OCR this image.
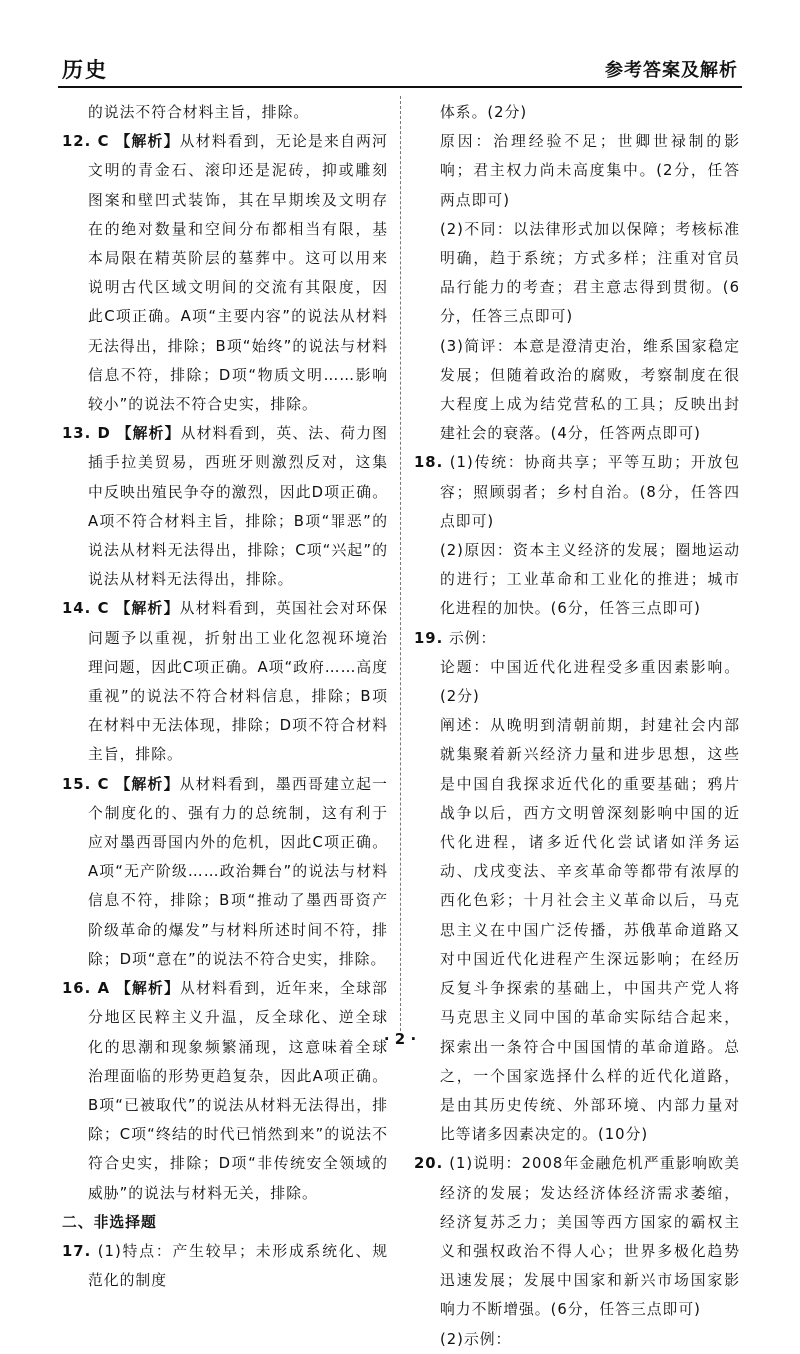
历史	参考答案及解析
的说法不符合材料主旨，排除。
12. C 【解析】从材料看到，无论是来自两河文明的青金石、滚印还是泥砖，抑或雕刻图案和壁凹式装饰，其在早期埃及文明存在的绝对数量和空间分布都相当有限，基本局限在精英阶层的墓葬中。这可以用来说明古代区域文明间的交流有其限度，因此C项正确。A项“主要内容”的说法从材料无法得出，排除；B项“始终”的说法与材料信息不符，排除；D项“物质文明……影响较小”的说法不符合史实，排除。
13. D 【解析】从材料看到，英、法、荷力图插手拉美贸易，西班牙则激烈反对，这集中反映出殖民争夺的激烈，因此D项正确。A项不符合材料主旨，排除；B项“罪恶”的说法从材料无法得出，排除；C项“兴起”的说法从材料无法得出，排除。
14. C 【解析】从材料看到，英国社会对环保问题予以重视，折射出工业化忽视环境治理问题，因此C项正确。A项“政府……高度重视”的说法不符合材料信息，排除；B项在材料中无法体现，排除；D项不符合材料主旨，排除。
15. C 【解析】从材料看到，墨西哥建立起一个制度化的、强有力的总统制，这有利于应对墨西哥国内外的危机，因此C项正确。A项“无产阶级……政治舞台”的说法与材料信息不符，排除；B项“推动了墨西哥资产阶级革命的爆发”与材料所述时间不符，排除；D项“意在”的说法不符合史实，排除。
16. A 【解析】从材料看到，近年来，全球部分地区民粹主义升温，反全球化、逆全球化的思潮和现象频繁涌现，这意味着全球治理面临的形势更趋复杂，因此A项正确。B项“已被取代”的说法从材料无法得出，排除；C项“终结的时代已悄然到来”的说法不符合史实，排除；D项“非传统安全领域的威胁”的说法与材料无关，排除。
二、非选择题
17. (1)特点：产生较早；未形成系统化、规范化的制度
体系。(2分)
原因：治理经验不足；世卿世禄制的影响；君主权力尚未高度集中。(2分，任答两点即可)
(2)不同：以法律形式加以保障；考核标准明确，趋于系统；方式多样；注重对官员品行能力的考查；君主意志得到贯彻。(6分，任答三点即可)
(3)简评：本意是澄清吏治，维系国家稳定发展；但随着政治的腐败，考察制度在很大程度上成为结党营私的工具；反映出封建社会的衰落。(4分，任答两点即可)
18. (1)传统：协商共享；平等互助；开放包容；照顾弱者；乡村自治。(8分，任答四点即可)
(2)原因：资本主义经济的发展；圈地运动的进行；工业革命和工业化的推进；城市化进程的加快。(6分，任答三点即可)
19. 示例：
论题：中国近代化进程受多重因素影响。(2分)
阐述：从晚明到清朝前期，封建社会内部就集聚着新兴经济力量和进步思想，这些是中国自我探求近代化的重要基础；鸦片战争以后，西方文明曾深刻影响中国的近代化进程，诸多近代化尝试诸如洋务运动、戊戌变法、辛亥革命等都带有浓厚的西化色彩；十月社会主义革命以后，马克思主义在中国广泛传播，苏俄革命道路又对中国近代化进程产生深远影响；在经历反复斗争探索的基础上，中国共产党人将马克思主义同中国的革命实际结合起来，探索出一条符合中国国情的革命道路。总之，一个国家选择什么样的近代化道路，是由其历史传统、外部环境、内部力量对比等诸多因素决定的。(10分)
20. (1)说明：2008年金融危机严重影响欧美经济的发展；发达经济体经济需求萎缩，经济复苏乏力；美国等西方国家的霸权主义和强权政治不得人心；世界多极化趋势迅速发展；发展中国家和新兴市场国家影响力不断增强。(6分，任答三点即可)
(2)示例：
· 2 ·
